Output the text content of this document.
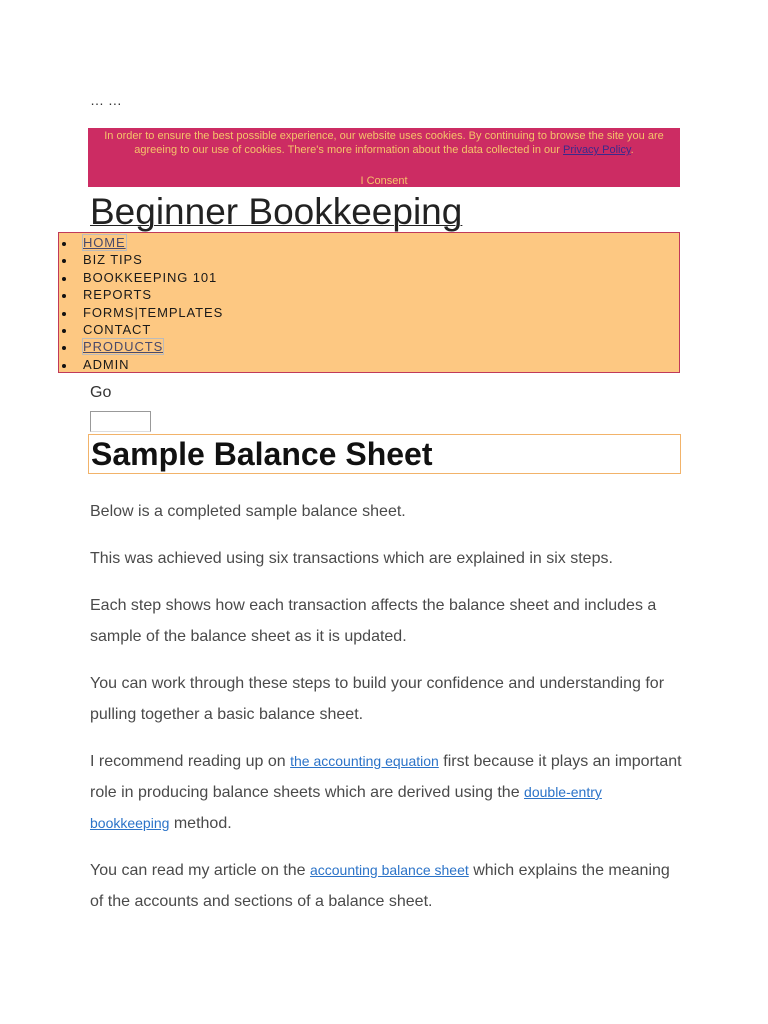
… …
In order to ensure the best possible experience, our website uses cookies. By continuing to browse the site you are agreeing to our use of cookies. There's more information about the data collected in our Privacy Policy.
I Consent
Beginner Bookkeeping
HOME
BIZ TIPS
BOOKKEEPING 101
REPORTS
FORMS|TEMPLATES
CONTACT
PRODUCTS
ADMIN
Go
Sample Balance Sheet

Below is a completed sample balance sheet.

This was achieved using six transactions which are explained in six steps.

Each step shows how each transaction affects the balance sheet and includes a sample of the balance sheet as it is updated.

You can work through these steps to build your confidence and understanding for pulling together a basic balance sheet.

I recommend reading up on the accounting equation first because it plays an important role in producing balance sheets which are derived using the double-entry bookkeeping method.

You can read my article on the accounting balance sheet which explains the meaning of the accounts and sections of a balance sheet.
